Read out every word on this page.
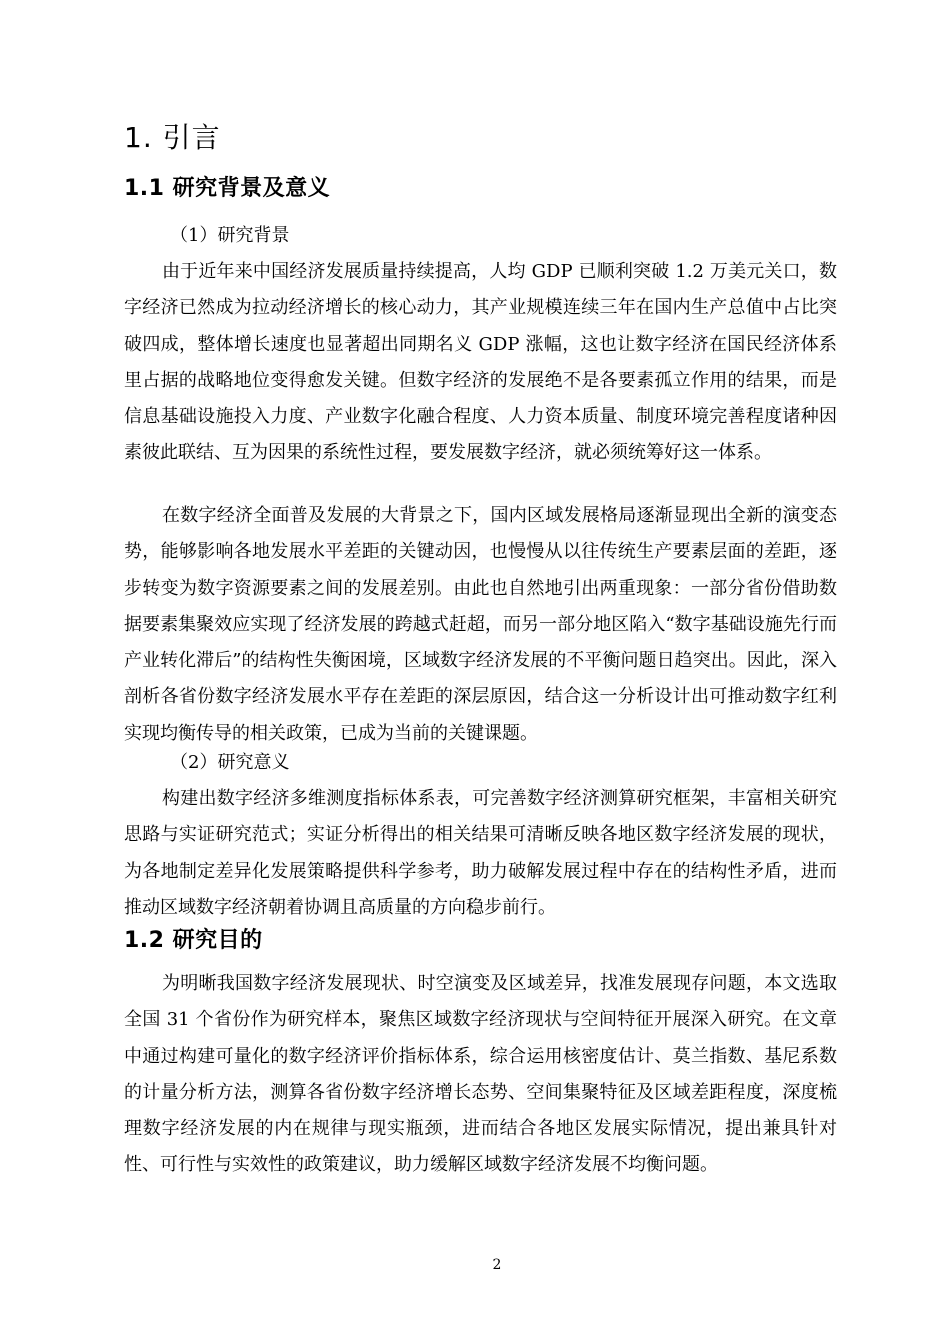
1. 引言
1.1 研究背景及意义

（1）研究背景

由于近年来中国经济发展质量持续提高，人均 GDP 已顺利突破 1.2 万美元关口，数字经济已然成为拉动经济增长的核心动力，其产业规模连续三年在国内生产总值中占比突破四成，整体增长速度也显著超出同期名义 GDP 涨幅，这也让数字经济在国民经济体系里占据的战略地位变得愈发关键。但数字经济的发展绝不是各要素孤立作用的结果，而是信息基础设施投入力度、产业数字化融合程度、人力资本质量、制度环境完善程度诸种因素彼此联结、互为因果的系统性过程，要发展数字经济，就必须统筹好这一体系。

在数字经济全面普及发展的大背景之下，国内区域发展格局逐渐显现出全新的演变态势，能够影响各地发展水平差距的关键动因，也慢慢从以往传统生产要素层面的差距，逐步转变为数字资源要素之间的发展差别。由此也自然地引出两重现象：一部分省份借助数据要素集聚效应实现了经济发展的跨越式赶超，而另一部分地区陷入“数字基础设施先行而产业转化滞后”的结构性失衡困境，区域数字经济发展的不平衡问题日趋突出。因此，深入剖析各省份数字经济发展水平存在差距的深层原因，结合这一分析设计出可推动数字红利实现均衡传导的相关政策，已成为当前的关键课题。

（2）研究意义

构建出数字经济多维测度指标体系表，可完善数字经济测算研究框架，丰富相关研究思路与实证研究范式；实证分析得出的相关结果可清晰反映各地区数字经济发展的现状，为各地制定差异化发展策略提供科学参考，助力破解发展过程中存在的结构性矛盾，进而推动区域数字经济朝着协调且高质量的方向稳步前行。

1.2 研究目的

为明晰我国数字经济发展现状、时空演变及区域差异，找准发展现存问题，本文选取全国 31 个省份作为研究样本，聚焦区域数字经济现状与空间特征开展深入研究。在文章中通过构建可量化的数字经济评价指标体系，综合运用核密度估计、莫兰指数、基尼系数的计量分析方法，测算各省份数字经济增长态势、空间集聚特征及区域差距程度，深度梳理数字经济发展的内在规律与现实瓶颈，进而结合各地区发展实际情况，提出兼具针对性、可行性与实效性的政策建议，助力缓解区域数字经济发展不均衡问题。

2
